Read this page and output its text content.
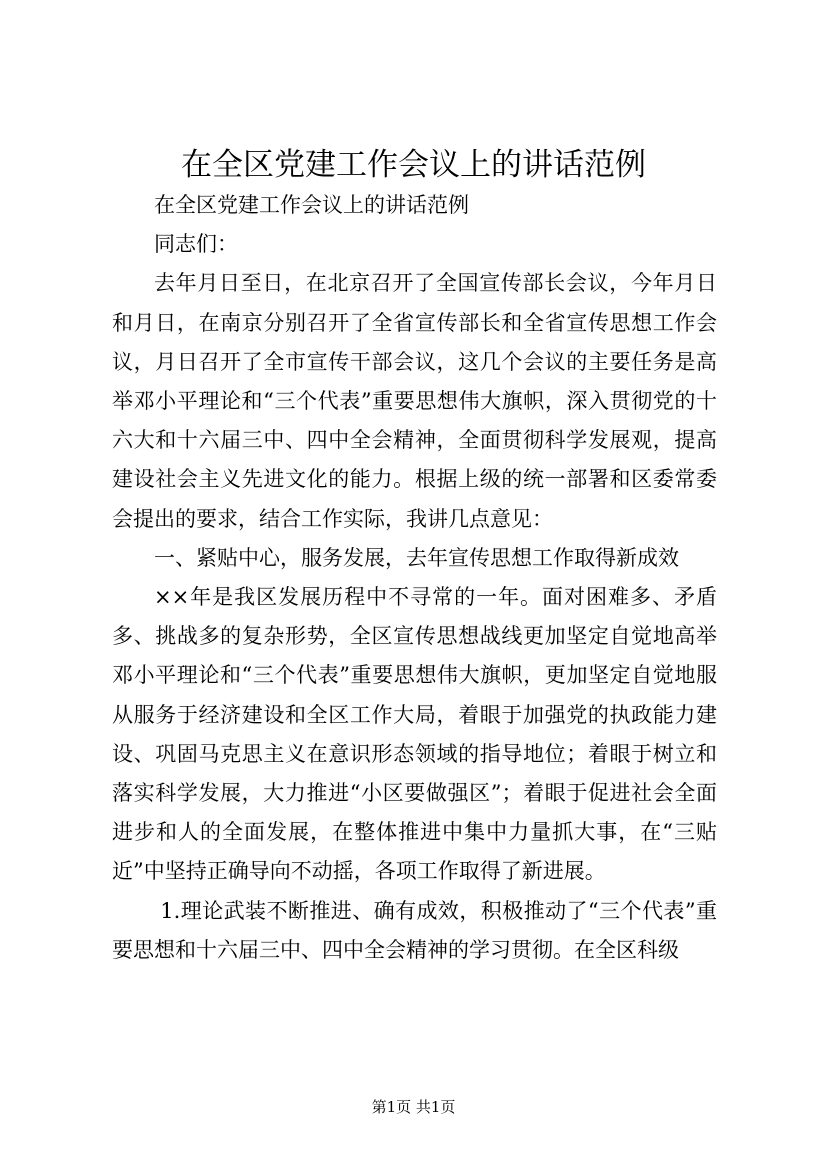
在全区党建工作会议上的讲话范例

在全区党建工作会议上的讲话范例

同志们：

去年月日至日，在北京召开了全国宣传部长会议，今年月日和月日，在南京分别召开了全省宣传部长和全省宣传思想工作会议，月日召开了全市宣传干部会议，这几个会议的主要任务是高举邓小平理论和“三个代表”重要思想伟大旗帜，深入贯彻党的十六大和十六届三中、四中全会精神，全面贯彻科学发展观，提高建设社会主义先进文化的能力。根据上级的统一部署和区委常委会提出的要求，结合工作实际，我讲几点意见：

一、紧贴中心，服务发展，去年宣传思想工作取得新成效

××年是我区发展历程中不寻常的一年。面对困难多、矛盾多、挑战多的复杂形势，全区宣传思想战线更加坚定自觉地高举邓小平理论和“三个代表”重要思想伟大旗帜，更加坚定自觉地服从服务于经济建设和全区工作大局，着眼于加强党的执政能力建设、巩固马克思主义在意识形态领域的指导地位；着眼于树立和落实科学发展，大力推进“小区要做强区”；着眼于促进社会全面进步和人的全面发展，在整体推进中集中力量抓大事，在“三贴近”中坚持正确导向不动摇，各项工作取得了新进展。

1.理论武装不断推进、确有成效，积极推动了“三个代表”重要思想和十六届三中、四中全会精神的学习贯彻。在全区科级

第1页 共1页
